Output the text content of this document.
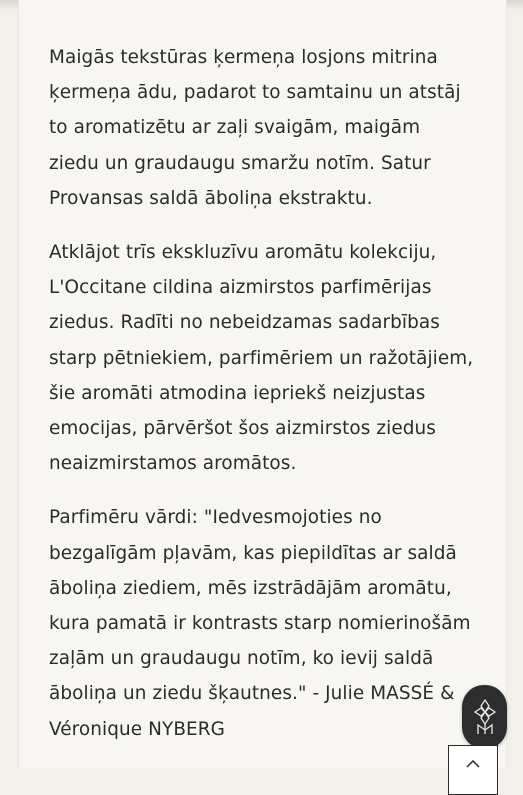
Maigās tekstūras ķermeņa losjons mitrina ķermeņa ādu, padarot to samtainu un atstāj to aromatizētu ar zaļi svaigām, maigām ziedu un graudaugu smaržu notīm. Satur Provansas saldā āboliņa ekstraktu.

Atklājot trīs ekskluzīvu aromātu kolekciju, L'Occitane cildina aizmirstos parfimērijas ziedus. Radīti no nebeidzamas sadarbības starp pētniekiem, parfimēriem un ražotājiem, šie aromāti atmodina iepriekš neizjustas emocijas, pārvēršot šos aizmirstos ziedus neaizmirstamos aromātos.

Parfimēru vārdi: "Iedvesmojoties no bezgalīgām pļavām, kas piepildītas ar saldā āboliņa ziediem, mēs izstrādājām aromātu, kura pamatā ir kontrasts starp nomierinošām zaļām un graudaugu notīm, ko ievij saldā āboliņa un ziedu šķautnes." - Julie MASSÉ & Véronique NYBERG
